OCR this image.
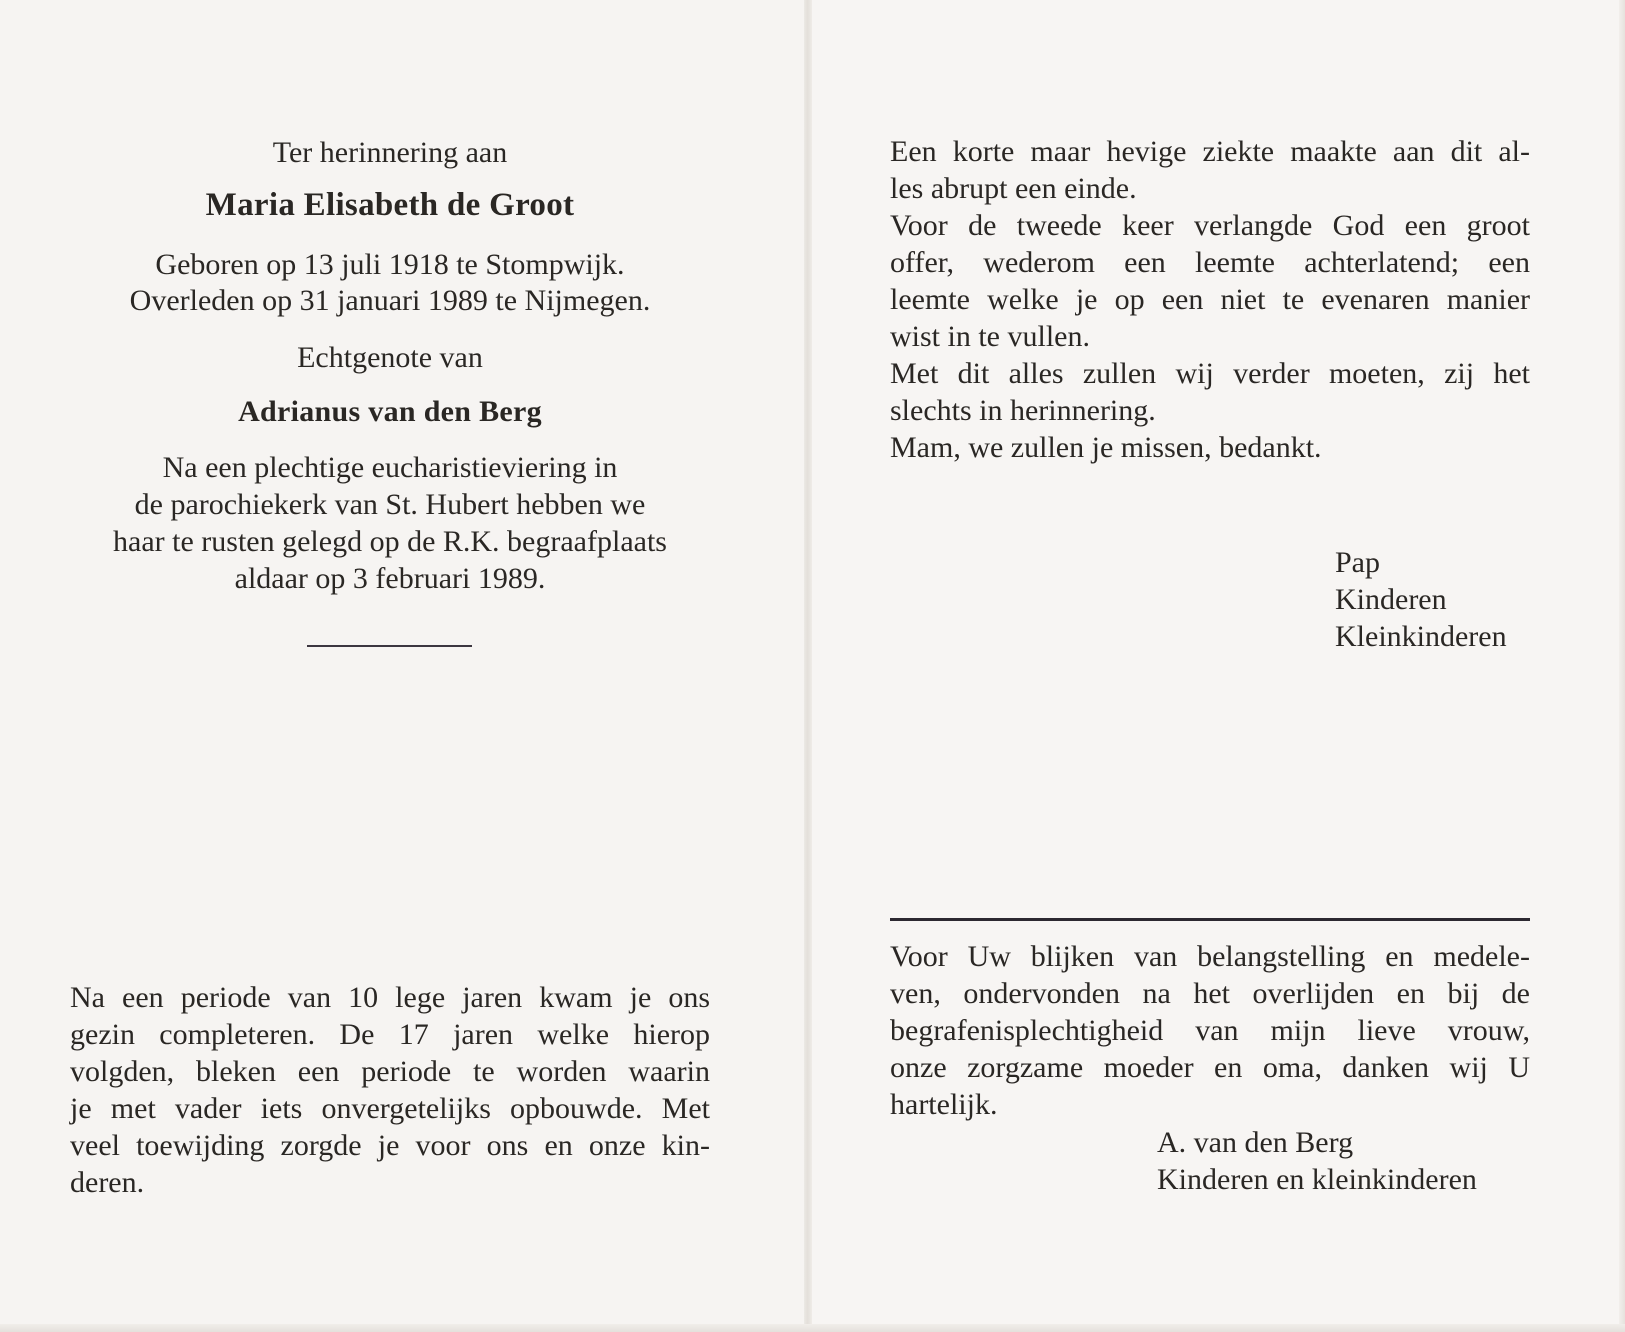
Ter herinnering aan
Maria Elisabeth de Groot
Geboren op 13 juli 1918 te Stompwijk.
Overleden op 31 januari 1989 te Nijmegen.
Echtgenote van
Adrianus van den Berg
Na een plechtige eucharistieviering in
de parochiekerk van St. Hubert hebben we
haar te rusten gelegd op de R.K. begraafplaats
aldaar op 3 februari 1989.
Na een periode van 10 lege jaren kwam je ons
gezin completeren. De 17 jaren welke hierop
volgden, bleken een periode te worden waarin
je met vader iets onvergetelijks opbouwde. Met
veel toewijding zorgde je voor ons en onze kin-
deren.
Een korte maar hevige ziekte maakte aan dit al-
les abrupt een einde.
Voor de tweede keer verlangde God een groot
offer, wederom een leemte achterlatend; een
leemte welke je op een niet te evenaren manier
wist in te vullen.
Met dit alles zullen wij verder moeten, zij het
slechts in herinnering.
Mam, we zullen je missen, bedankt.
Pap
Kinderen
Kleinkinderen
Voor Uw blijken van belangstelling en medele-
ven, ondervonden na het overlijden en bij de
begrafenisplechtigheid van mijn lieve vrouw,
onze zorgzame moeder en oma, danken wij U
hartelijk.
A. van den Berg
Kinderen en kleinkinderen
